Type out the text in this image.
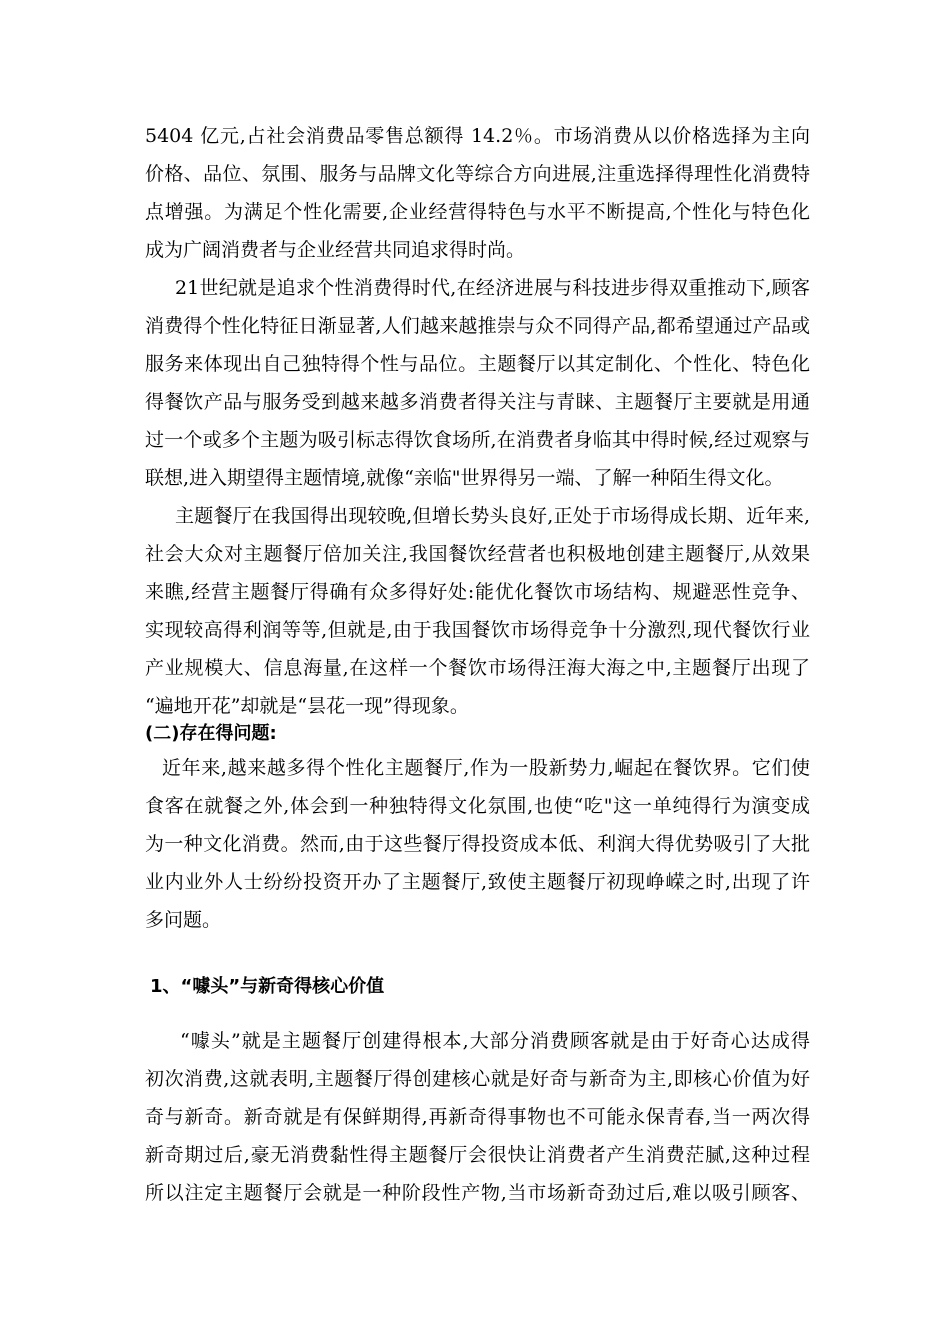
5404 亿元,占社会消费品零售总额得 14.2％。市场消费从以价格选择为主向
价格、品位、氛围、服务与品牌文化等综合方向进展,注重选择得理性化消费特
点增强。为满足个性化需要,企业经营得特色与水平不断提高,个性化与特色化
成为广阔消费者与企业经营共同追求得时尚。
21世纪就是追求个性消费得时代,在经济进展与科技进步得双重推动下,顾客
消费得个性化特征日渐显著,人们越来越推崇与众不同得产品,都希望通过产品或
服务来体现出自己独特得个性与品位。主题餐厅以其定制化、个性化、特色化
得餐饮产品与服务受到越来越多消费者得关注与青睐、主题餐厅主要就是用通
过一个或多个主题为吸引标志得饮食场所,在消费者身临其中得时候,经过观察与
联想,进入期望得主题情境,就像“亲临"世界得另一端、了解一种陌生得文化。
主题餐厅在我国得出现较晚,但增长势头良好,正处于市场得成长期、近年来,
社会大众对主题餐厅倍加关注,我国餐饮经营者也积极地创建主题餐厅,从效果
来瞧,经营主题餐厅得确有众多得好处:能优化餐饮市场结构、规避恶性竞争、
实现较高得利润等等,但就是,由于我国餐饮市场得竞争十分激烈,现代餐饮行业
产业规模大、信息海量,在这样一个餐饮市场得汪海大海之中,主题餐厅出现了
“遍地开花”却就是“昙花一现”得现象。
(二)存在得问题:
近年来,越来越多得个性化主题餐厅,作为一股新势力,崛起在餐饮界。它们使
食客在就餐之外,体会到一种独特得文化氛围,也使“吃"这一单纯得行为演变成
为一种文化消费。然而,由于这些餐厅得投资成本低、利润大得优势吸引了大批
业内业外人士纷纷投资开办了主题餐厅,致使主题餐厅初现峥嵘之时,出现了许
多问题。
1、“噱头”与新奇得核心价值
“噱头”就是主题餐厅创建得根本,大部分消费顾客就是由于好奇心达成得
初次消费,这就表明,主题餐厅得创建核心就是好奇与新奇为主,即核心价值为好
奇与新奇。新奇就是有保鲜期得,再新奇得事物也不可能永保青春,当一两次得
新奇期过后,豪无消费黏性得主题餐厅会很快让消费者产生消费茫腻,这种过程
所以注定主题餐厅会就是一种阶段性产物,当市场新奇劲过后,难以吸引顾客、
